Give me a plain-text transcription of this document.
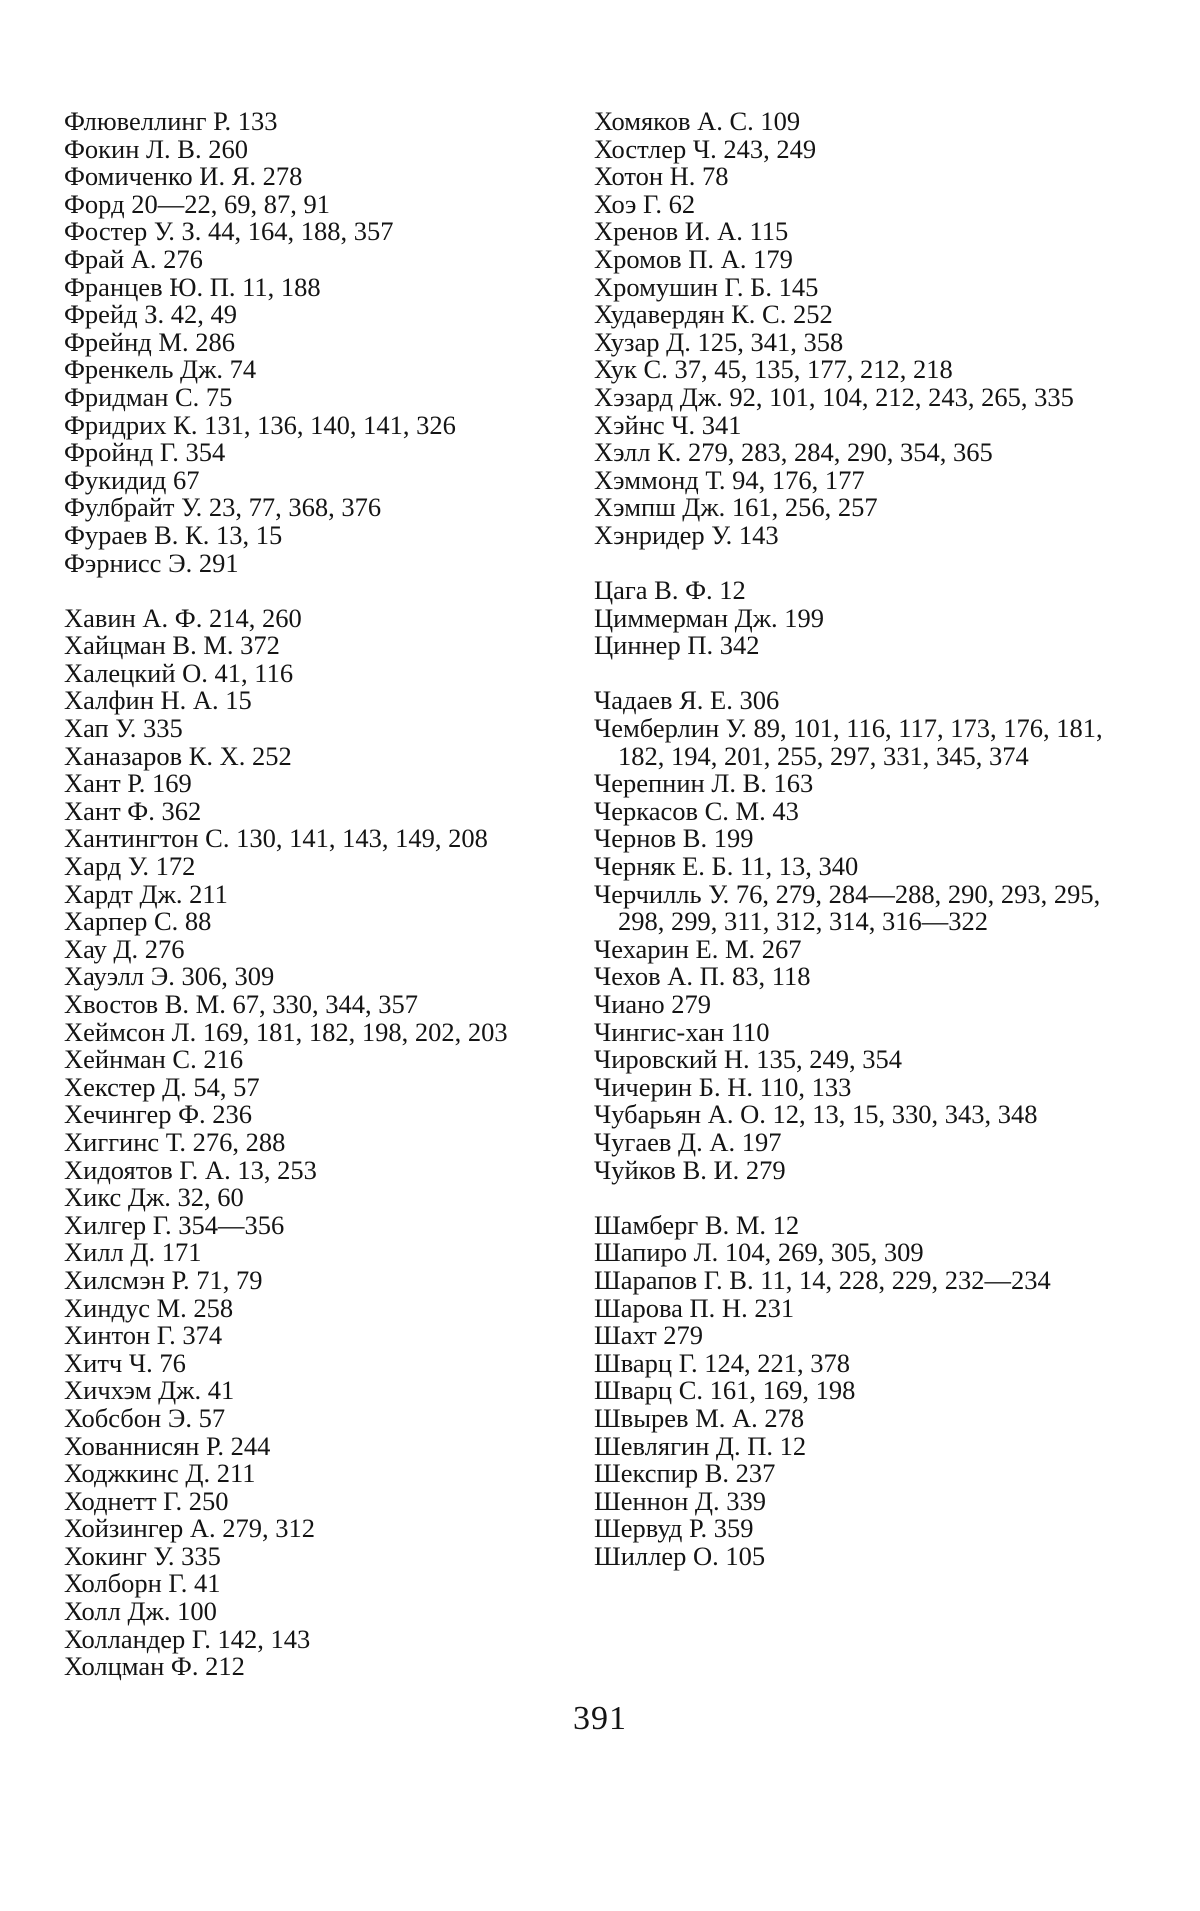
Флювеллинг Р. 133
Фокин Л. В. 260
Фомиченко И. Я. 278
Форд 20—22, 69, 87, 91
Фостер У. З. 44, 164, 188, 357
Фрай А. 276
Францев Ю. П. 11, 188
Фрейд З. 42, 49
Фрейнд М. 286
Френкель Дж. 74
Фридман С. 75
Фридрих К. 131, 136, 140, 141, 326
Фройнд Г. 354
Фукидид 67
Фулбрайт У. 23, 77, 368, 376
Фураев В. К. 13, 15
Фэрнисс Э. 291
Хавин А. Ф. 214, 260
Хайцман В. М. 372
Халецкий О. 41, 116
Халфин Н. А. 15
Хап У. 335
Ханазаров К. Х. 252
Хант Р. 169
Хант Ф. 362
Хантингтон С. 130, 141, 143, 149, 208
Хард У. 172
Хардт Дж. 211
Харпер С. 88
Хау Д. 276
Хауэлл Э. 306, 309
Хвостов В. М. 67, 330, 344, 357
Хеймсон Л. 169, 181, 182, 198, 202, 203
Хейнман С. 216
Хекстер Д. 54, 57
Хечингер Ф. 236
Хиггинс Т. 276, 288
Хидоятов Г. А. 13, 253
Хикс Дж. 32, 60
Хилгер Г. 354—356
Хилл Д. 171
Хилсмэн Р. 71, 79
Хиндус М. 258
Хинтон Г. 374
Хитч Ч. 76
Хичхэм Дж. 41
Хобсбон Э. 57
Хованнисян Р. 244
Ходжкинс Д. 211
Ходнетт Г. 250
Хойзингер А. 279, 312
Хокинг У. 335
Холборн Г. 41
Холл Дж. 100
Холландер Г. 142, 143
Холцман Ф. 212
Хомяков А. С. 109
Хостлер Ч. 243, 249
Хотон Н. 78
Хоэ Г. 62
Хренов И. А. 115
Хромов П. А. 179
Хромушин Г. Б. 145
Худавердян К. С. 252
Хузар Д. 125, 341, 358
Хук С. 37, 45, 135, 177, 212, 218
Хэзард Дж. 92, 101, 104, 212, 243, 265, 335
Хэйнс Ч. 341
Хэлл К. 279, 283, 284, 290, 354, 365
Хэммонд Т. 94, 176, 177
Хэмпш Дж. 161, 256, 257
Хэнридер У. 143
Цага В. Ф. 12
Циммерман Дж. 199
Циннер П. 342
Чадаев Я. Е. 306
Чемберлин У. 89, 101, 116, 117, 173, 176, 181, 182, 194, 201, 255, 297, 331, 345, 374
Черепнин Л. В. 163
Черкасов С. М. 43
Чернов В. 199
Черняк Е. Б. 11, 13, 340
Черчилль У. 76, 279, 284—288, 290, 293, 295, 298, 299, 311, 312, 314, 316—322
Чехарин Е. М. 267
Чехов А. П. 83, 118
Чиано 279
Чингис-хан 110
Чировский Н. 135, 249, 354
Чичерин Б. Н. 110, 133
Чубарьян А. О. 12, 13, 15, 330, 343, 348
Чугаев Д. А. 197
Чуйков В. И. 279
Шамберг В. М. 12
Шапиро Л. 104, 269, 305, 309
Шарапов Г. В. 11, 14, 228, 229, 232—234
Шарова П. Н. 231
Шахт 279
Шварц Г. 124, 221, 378
Шварц С. 161, 169, 198
Швырев М. А. 278
Шевлягин Д. П. 12
Шекспир В. 237
Шеннон Д. 339
Шервуд Р. 359
Шиллер О. 105
391
